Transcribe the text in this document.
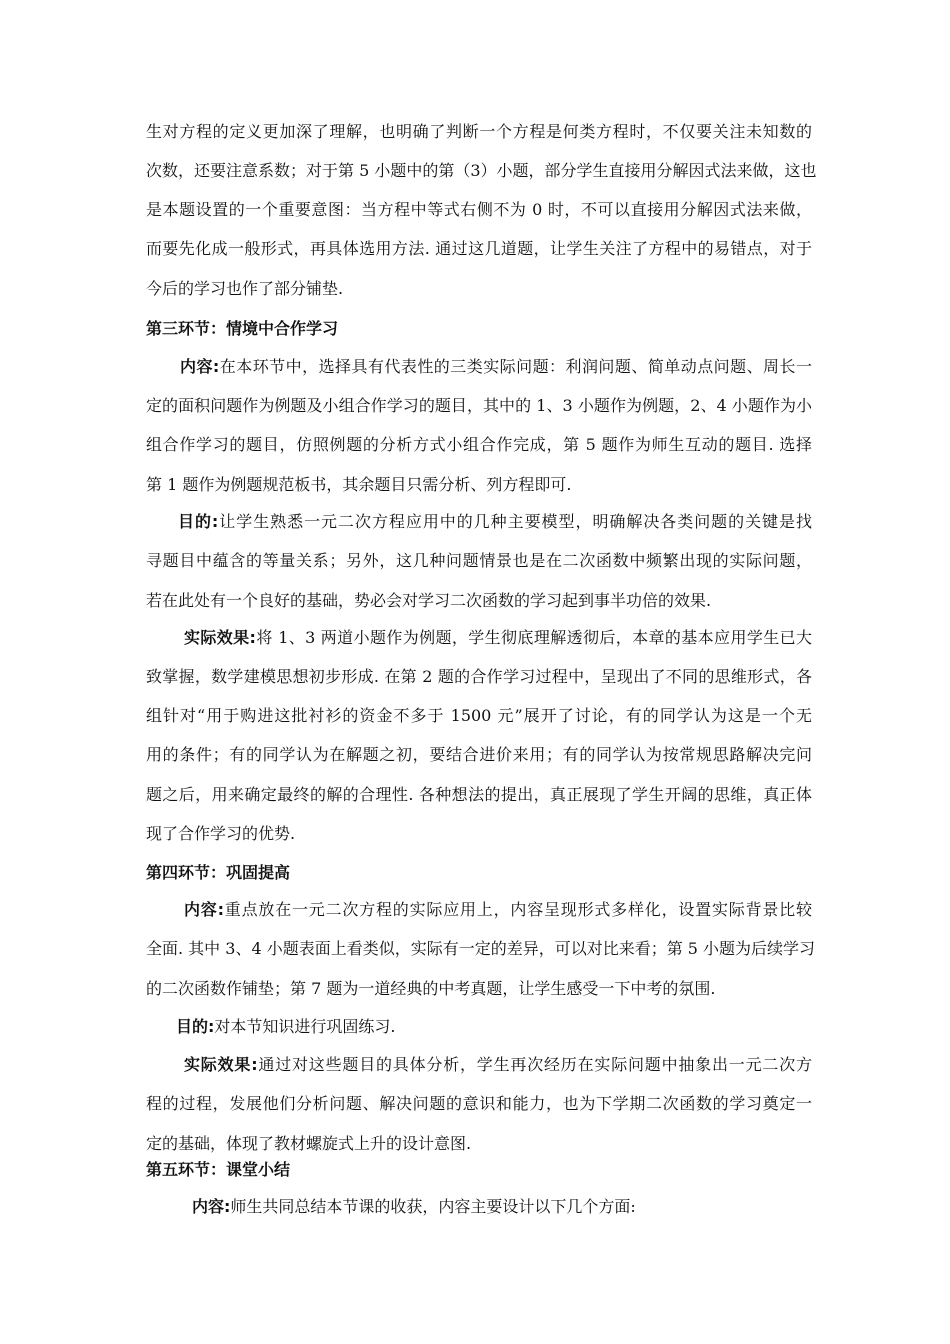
生对方程的定义更加深了理解，也明确了判断一个方程是何类方程时，不仅要关注未知数的
次数，还要注意系数；对于第 5 小题中的第（3）小题，部分学生直接用分解因式法来做，这也
是本题设置的一个重要意图：当方程中等式右侧不为 0 时，不可以直接用分解因式法来做，
而要先化成一般形式，再具体选用方法. 通过这几道题，让学生关注了方程中的易错点，对于
今后的学习也作了部分铺垫.
第三环节：情境中合作学习
内容:在本环节中，选择具有代表性的三类实际问题：利润问题、简单动点问题、周长一
定的面积问题作为例题及小组合作学习的题目，其中的 1、3 小题作为例题，2、4 小题作为小
组合作学习的题目，仿照例题的分析方式小组合作完成，第 5 题作为师生互动的题目. 选择
第 1 题作为例题规范板书，其余题目只需分析、列方程即可.
目的:让学生熟悉一元二次方程应用中的几种主要模型，明确解决各类问题的关键是找
寻题目中蕴含的等量关系；另外，这几种问题情景也是在二次函数中频繁出现的实际问题，
若在此处有一个良好的基础，势必会对学习二次函数的学习起到事半功倍的效果.
实际效果:将 1、3 两道小题作为例题，学生彻底理解透彻后，本章的基本应用学生已大
致掌握，数学建模思想初步形成. 在第 2 题的合作学习过程中，呈现出了不同的思维形式，各
组针对“用于购进这批衬衫的资金不多于 1500 元”展开了讨论，有的同学认为这是一个无
用的条件；有的同学认为在解题之初，要结合进价来用；有的同学认为按常规思路解决完问
题之后，用来确定最终的解的合理性. 各种想法的提出，真正展现了学生开阔的思维，真正体
现了合作学习的优势.
第四环节：巩固提高
内容:重点放在一元二次方程的实际应用上，内容呈现形式多样化，设置实际背景比较
全面. 其中 3、4 小题表面上看类似，实际有一定的差异，可以对比来看；第 5 小题为后续学习
的二次函数作铺垫；第 7 题为一道经典的中考真题，让学生感受一下中考的氛围.
目的:对本节知识进行巩固练习.
实际效果:通过对这些题目的具体分析，学生再次经历在实际问题中抽象出一元二次方
程的过程，发展他们分析问题、解决问题的意识和能力，也为下学期二次函数的学习奠定一
定的基础，体现了教材螺旋式上升的设计意图.
第五环节：课堂小结
内容:师生共同总结本节课的收获，内容主要设计以下几个方面:
